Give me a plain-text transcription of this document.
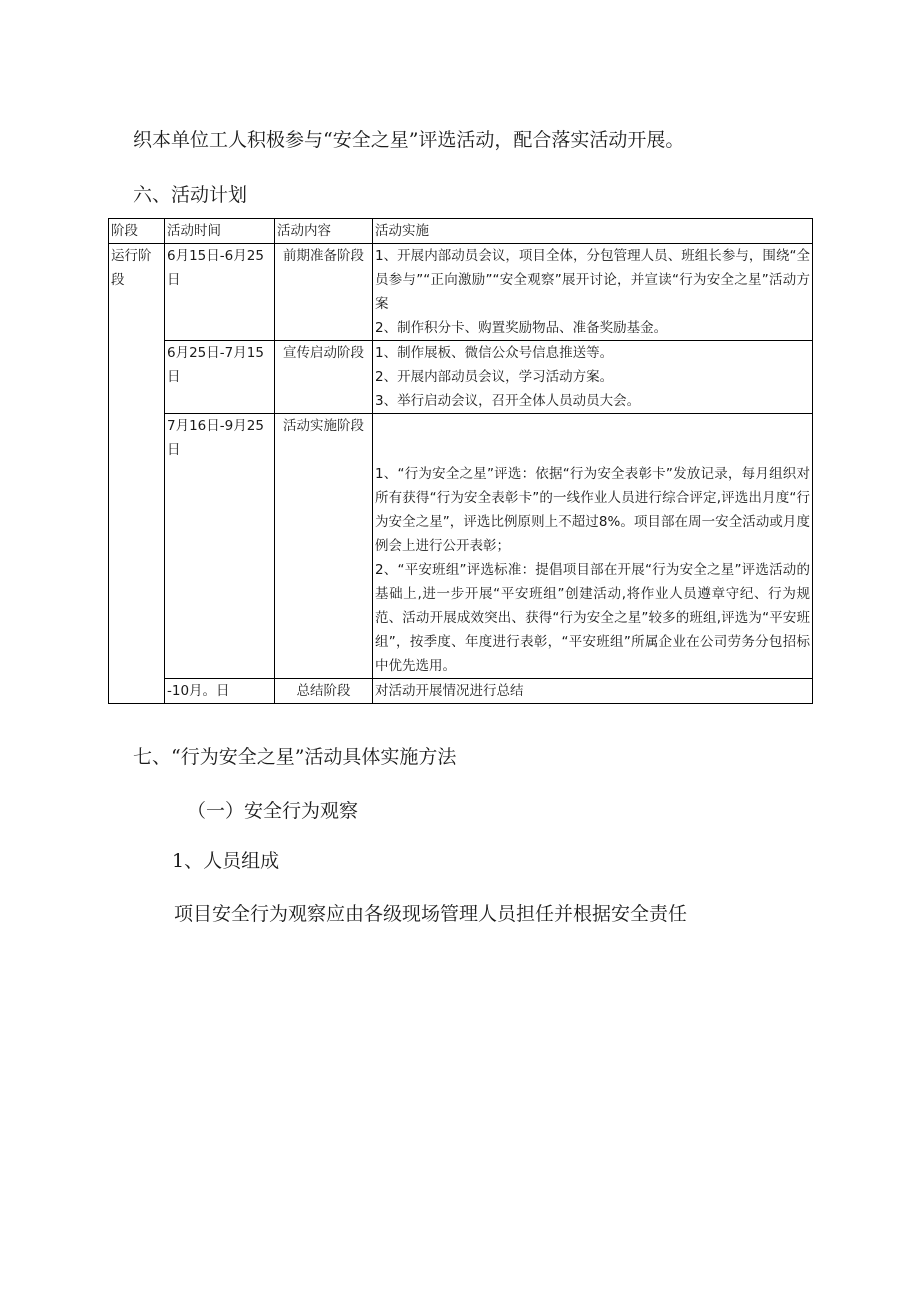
织本单位工人积极参与“安全之星”评选活动，配合落实活动开展。
六、活动计划
阶段	活动时间	活动内容	活动实施
运行阶段	6月15日-6月25日	前期准备阶段	1、开展内部动员会议，项目全体，分包管理人员、班组长参与，围绕“全员参与”“正向激励”“安全观察”展开讨论，并宣读“行为安全之星”活动方案
2、制作积分卡、购置奖励物品、准备奖励基金。

	6月25日-7月15日	宣传启动阶段	1、制作展板、微信公众号信息推送等。
2、开展内部动员会议，学习活动方案。
3、举行启动会议，召开全体人员动员大会。

	7月16日-9月25日	活动实施阶段	1、“行为安全之星”评选：依据“行为安全表彰卡”发放记录，每月组织对所有获得“行为安全表彰卡”的一线作业人员进行综合评定,评选出月度“行为安全之星”，评选比例原则上不超过8%。项目部在周一安全活动或月度例会上进行公开表彰；
2、“平安班组”评选标准：提倡项目部在开展“行为安全之星”评选活动的基础上,进一步开展“平安班组”创建活动,将作业人员遵章守纪、行为规范、活动开展成效突出、获得“行为安全之星”较多的班组,评选为“平安班组”，按季度、年度进行表彰，“平安班组”所属企业在公司劳务分包招标中优先选用。

	-10月。日	总结阶段	对活动开展情况进行总结
七、“行为安全之星”活动具体实施方法
（一）安全行为观察
1、人员组成
项目安全行为观察应由各级现场管理人员担任并根据安全责任
